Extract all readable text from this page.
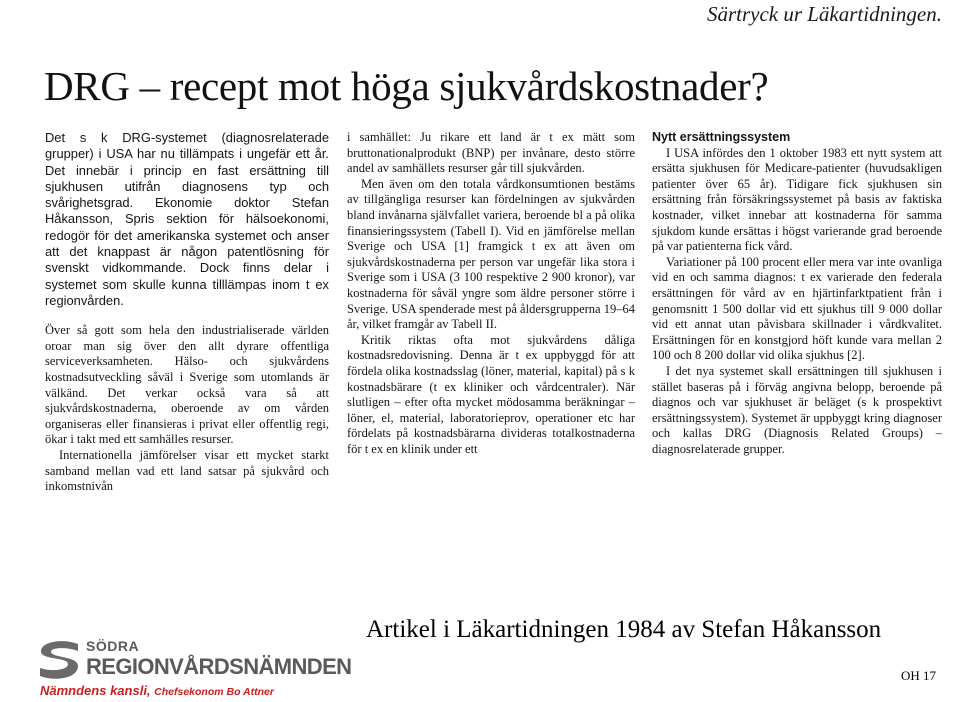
Särtryck ur Läkartidningen.
DRG – recept mot höga sjukvårdskostnader?

Det s k DRG-systemet (diagnosrelaterade grupper) i USA har nu tillämpats i ungefär ett år. Det innebär i princip en fast ersättning till sjukhusen utifrån diagnosens typ och svårighetsgrad. Ekonomie doktor Stefan Håkansson, Spris sektion för hälsoekonomi, redogör för det amerikanska systemet och anser att det knappast är någon patentlösning för svenskt vidkommande. Dock finns delar i systemet som skulle kunna tilllämpas inom t ex regionvården.

Över så gott som hela den industrialiserade världen oroar man sig över den allt dyrare offentliga serviceverksamheten. Hälso- och sjukvårdens kostnadsutveckling såväl i Sverige som utomlands är välkänd. Det verkar också vara så att sjukvårdskostnaderna, oberoende av om vården organiseras eller finansieras i privat eller offentlig regi, ökar i takt med ett samhälles resurser.

Internationella jämförelser visar ett mycket starkt samband mellan vad ett land satsar på sjukvård och inkomstnivån

i samhället: Ju rikare ett land är t ex mätt som bruttonationalprodukt (BNP) per invånare, desto större andel av samhällets resurser går till sjukvården.

Men även om den totala vårdkonsumtionen bestäms av tillgängliga resurser kan fördelningen av sjukvården bland invånarna självfallet variera, beroende bl a på olika finansieringssystem (Tabell I). Vid en jämförelse mellan Sverige och USA [1] framgick t ex att även om sjukvårdskostnaderna per person var ungefär lika stora i Sverige som i USA (3 100 respektive 2 900 kronor), var kostnaderna för såväl yngre som äldre personer större i Sverige. USA spenderade mest på åldersgrupperna 19–64 år, vilket framgår av Tabell II.

Kritik riktas ofta mot sjukvårdens dåliga kostnadsredovisning. Denna är t ex uppbyggd för att fördela olika kostnadsslag (löner, material, kapital) på s k kostnadsbärare (t ex kliniker och vårdcentraler). När slutligen – efter ofta mycket mödosamma beräkningar – löner, el, material, laboratorieprov, operationer etc har fördelats på kostnadsbärarna divideras totalkostnaderna för t ex en klinik under ett

Nytt ersättningssystem

I USA infördes den 1 oktober 1983 ett nytt system att ersätta sjukhusen för Medicare-patienter (huvudsakligen patienter över 65 år). Tidigare fick sjukhusen sin ersättning från försäkringssystemet på basis av faktiska kostnader, vilket innebar att kostnaderna för samma sjukdom kunde ersättas i högst varierande grad beroende på var patienterna fick vård.

Variationer på 100 procent eller mera var inte ovanliga vid en och samma diagnos: t ex varierade den federala ersättningen för vård av en hjärtinfarktpatient från i genomsnitt 1 500 dollar vid ett sjukhus till 9 000 dollar vid ett annat utan påvisbara skillnader i vårdkvalitet. Ersättningen för en konstgjord höft kunde vara mellan 2 100 och 8 200 dollar vid olika sjukhus [2].

I det nya systemet skall ersättningen till sjukhusen i stället baseras på i förväg angivna belopp, beroende på diagnos och var sjukhuset är beläget (s k prospektivt ersättningssystem). Systemet är uppbyggt kring diagnoser och kallas DRG (Diagnosis Related Groups) – diagnosrelaterade grupper.

Artikel i Läkartidningen 1984 av Stefan Håkansson
SÖDRA
REGIONVÅRDSNÄMNDEN
Nämndens kansli, Chefsekonom Bo Attner
OH 17
